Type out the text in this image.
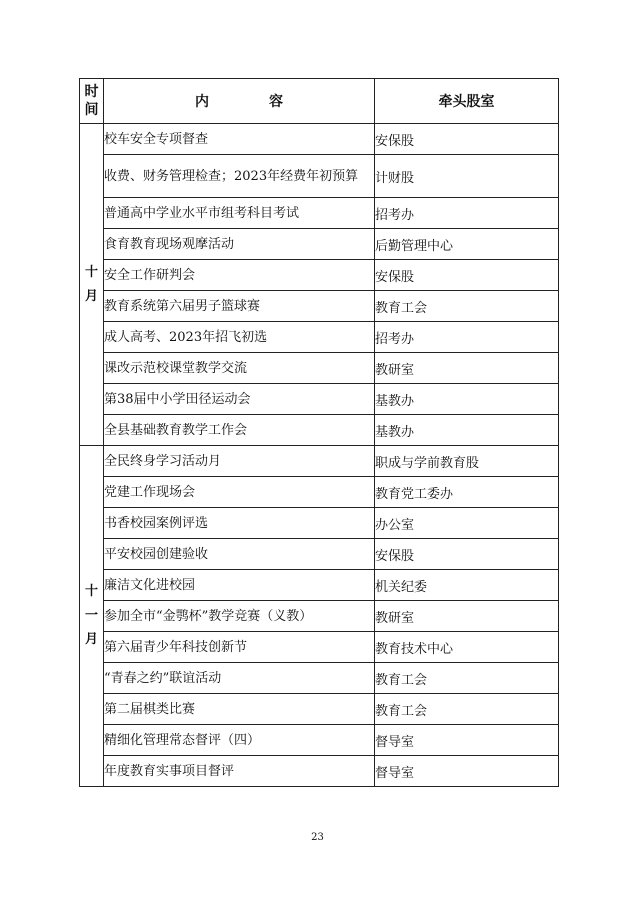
时间	内 容	牵头股室
十月	校车安全专项督查	安保股
	收费、财务管理检查；2023年经费年初预算	计财股
	普通高中学业水平市组考科目考试	招考办
	食育教育现场观摩活动	后勤管理中心
	安全工作研判会	安保股
	教育系统第六届男子篮球赛	教育工会
	成人高考、2023年招飞初选	招考办
	课改示范校课堂教学交流	教研室
	第38届中小学田径运动会	基教办
	全县基础教育教学工作会	基教办
十一月	全民终身学习活动月	职成与学前教育股
	党建工作现场会	教育党工委办
	书香校园案例评选	办公室
	平安校园创建验收	安保股
	廉洁文化进校园	机关纪委
	参加全市“金鹗杯”教学竞赛（义教）	教研室
	第六届青少年科技创新节	教育技术中心
	“青春之约”联谊活动	教育工会
	第二届棋类比赛	教育工会
	精细化管理常态督评（四）	督导室
	年度教育实事项目督评	督导室
23
